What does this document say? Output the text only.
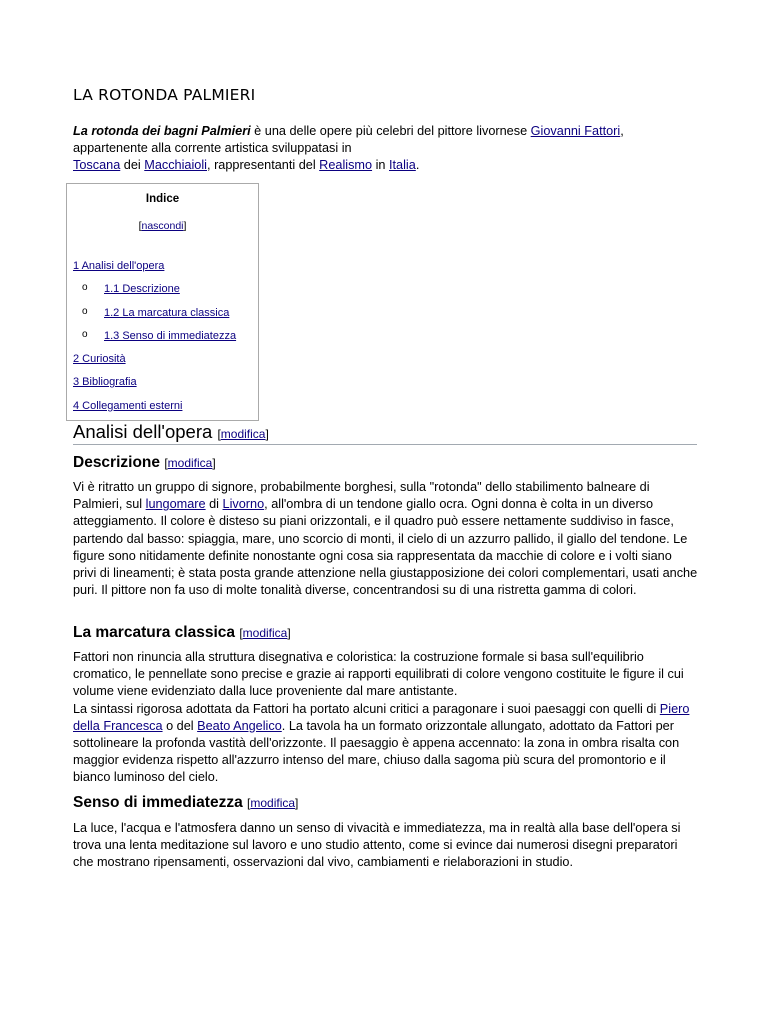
LA ROTONDA PALMIERI
La rotonda dei bagni Palmieri è una delle opere più celebri del pittore livornese Giovanni Fattori, appartenente alla corrente artistica sviluppatasi in
Toscana dei Macchiaioli, rappresentanti del Realismo in Italia.
Indice
[nascondi]
1 Analisi dell'opera
o 1.1 Descrizione
o 1.2 La marcatura classica
o 1.3 Senso di immediatezza
2 Curiosità
3 Bibliografia
4 Collegamenti esterni
Analisi dell'opera [modifica]
Descrizione [modifica]
Vi è ritratto un gruppo di signore, probabilmente borghesi, sulla "rotonda" dello stabilimento balneare di Palmieri, sul lungomare di Livorno, all'ombra di un tendone giallo ocra. Ogni donna è colta in un diverso atteggiamento. Il colore è disteso su piani orizzontali, e il quadro può essere nettamente suddiviso in fasce, partendo dal basso: spiaggia, mare, uno scorcio di monti, il cielo di un azzurro pallido, il giallo del tendone. Le figure sono nitidamente definite nonostante ogni cosa sia rappresentata da macchie di colore e i volti siano privi di lineamenti; è stata posta grande attenzione nella giustapposizione dei colori complementari, usati anche puri. Il pittore non fa uso di molte tonalità diverse, concentrandosi su di una ristretta gamma di colori.
La marcatura classica [modifica]
Fattori non rinuncia alla struttura disegnativa e coloristica: la costruzione formale si basa sull'equilibrio cromatico, le pennellate sono precise e grazie ai rapporti equilibrati di colore vengono costituite le figure il cui volume viene evidenziato dalla luce proveniente dal mare antistante.
La sintassi rigorosa adottata da Fattori ha portato alcuni critici a paragonare i suoi paesaggi con quelli di Piero della Francesca o del Beato Angelico. La tavola ha un formato orizzontale allungato, adottato da Fattori per sottolineare la profonda vastità dell'orizzonte. Il paesaggio è appena accennato: la zona in ombra risalta con maggior evidenza rispetto all'azzurro intenso del mare, chiuso dalla sagoma più scura del promontorio e il bianco luminoso del cielo.
Senso di immediatezza [modifica]
La luce, l'acqua e l'atmosfera danno un senso di vivacità e immediatezza, ma in realtà alla base dell'opera si trova una lenta meditazione sul lavoro e uno studio attento, come si evince dai numerosi disegni preparatori che mostrano ripensamenti, osservazioni dal vivo, cambiamenti e rielaborazioni in studio.
